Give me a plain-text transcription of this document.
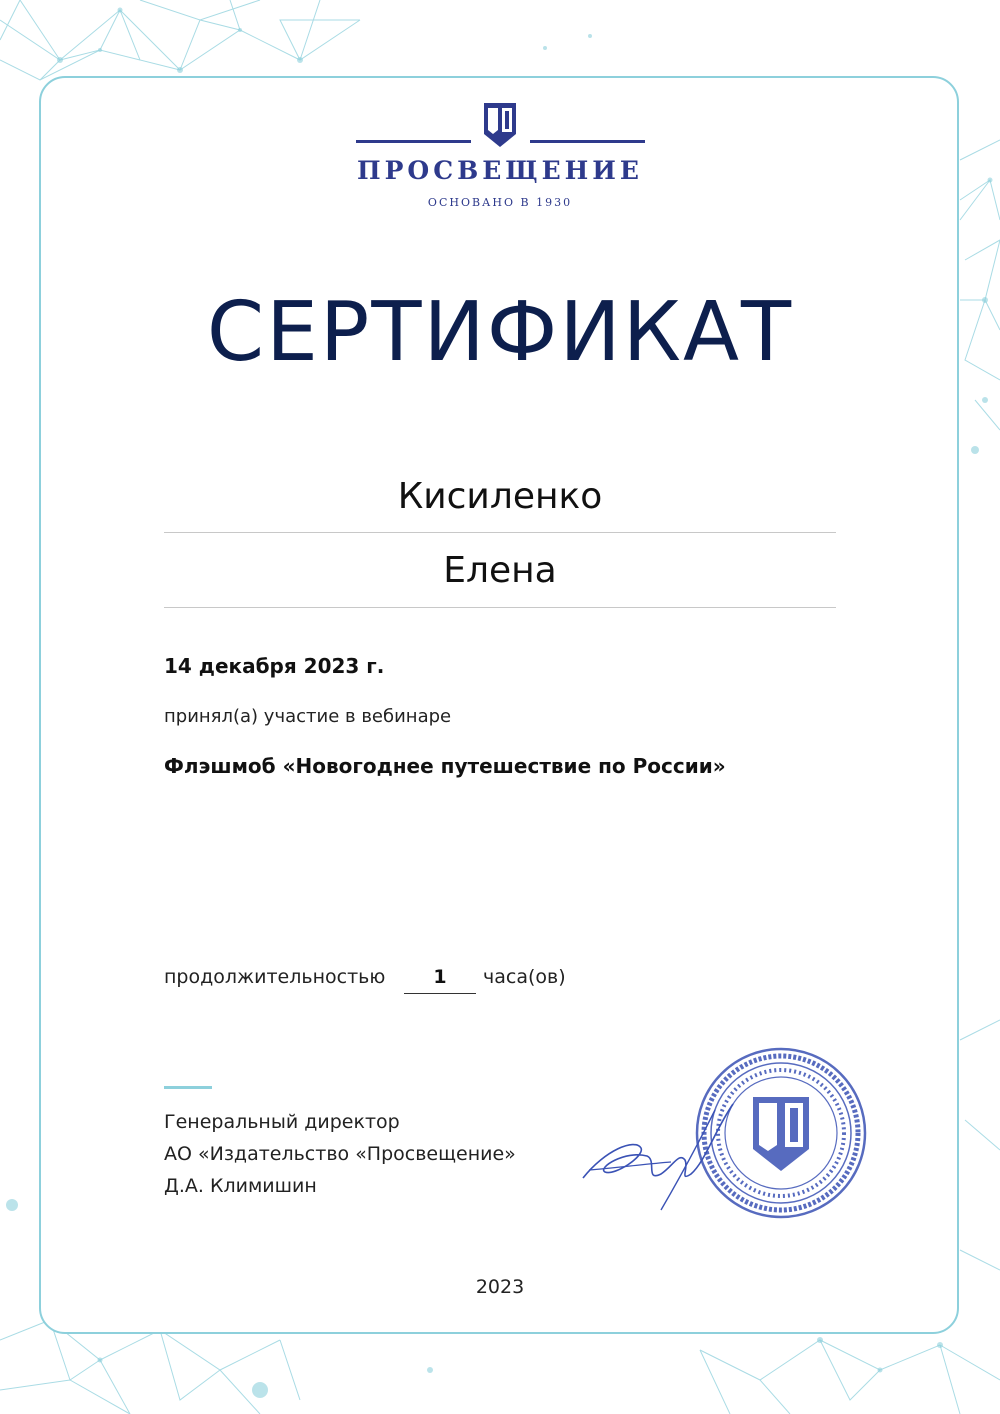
ПРОСВЕЩЕНИЕ
ОСНОВАНО В 1930
СЕРТИФИКАТ
Кисиленко
Елена
14 декабря 2023 г.
принял(а) участие в вебинаре
Флэшмоб «Новогоднее путешествие по России»
продолжительностью	1	часа(ов)
Генеральный директор
АО «Издательство «Просвещение»
Д.А. Климишин
2023
